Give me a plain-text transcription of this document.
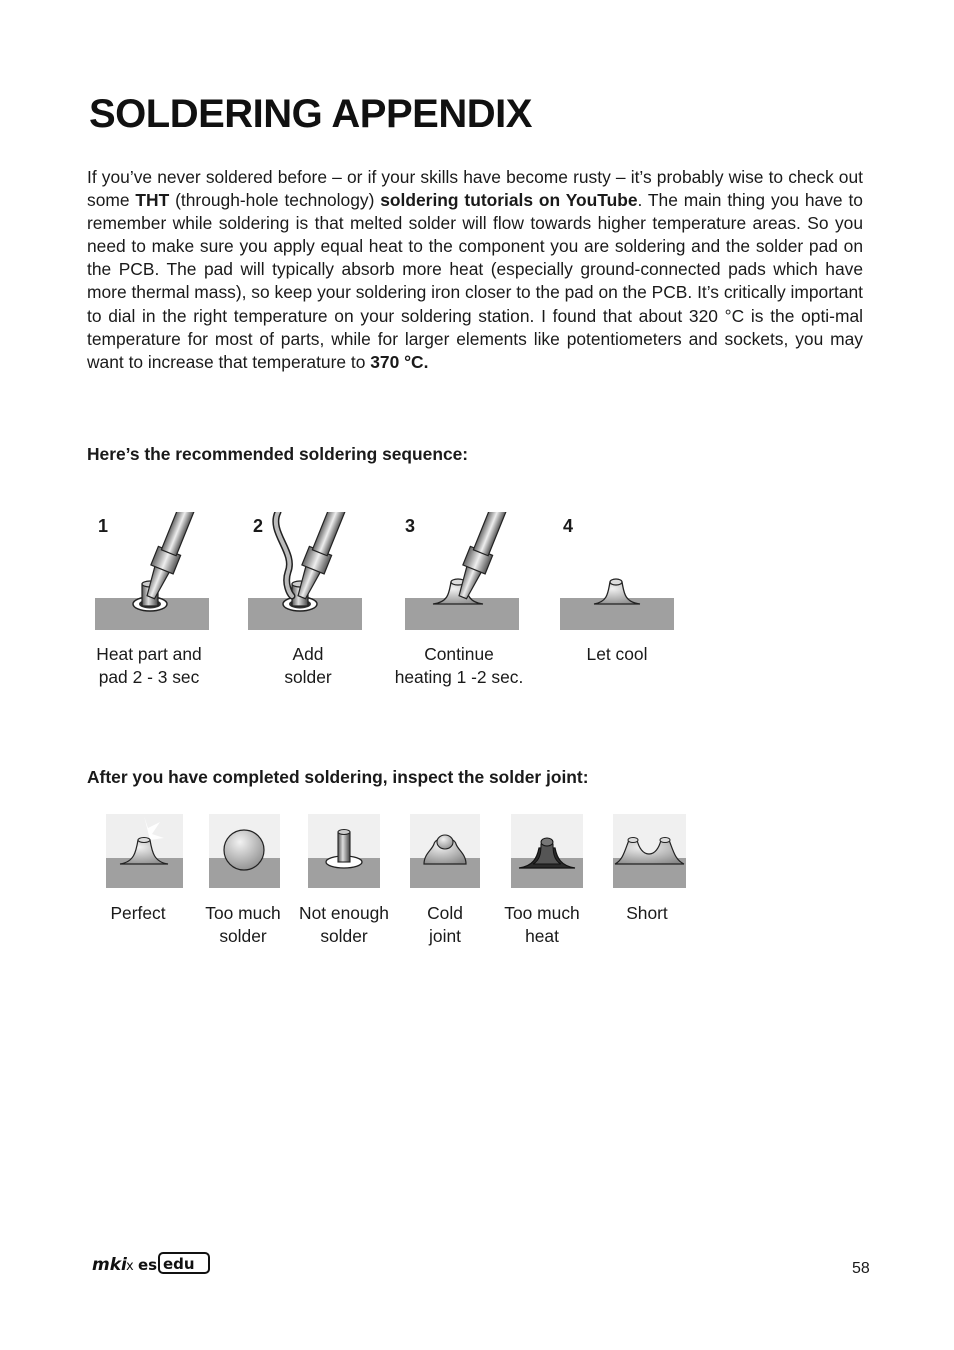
SOLDERING APPENDIX

If you’ve never soldered before – or if your skills have become rusty – it’s probably wise to check out some THT (through-hole technology) soldering tutorials on YouTube. The main thing you have to remember while soldering is that melted solder will flow towards higher temperature areas. So you need to make sure you apply equal heat to the component you are soldering and the solder pad on the PCB. The pad will typically absorb more heat (especially ground-connected pads which have more thermal mass), so keep your soldering iron closer to the pad on the PCB. It’s critically important to dial in the right temperature on your soldering station. I found that about 320 °C is the opti-mal temperature for most of parts, while for larger elements like potentiometers and sockets, you may want to increase that temperature to 370 °C.

Here’s the recommended soldering sequence:

1	2	3	4

Heat part and
pad 2 - 3 sec

Add
solder

Continue
heating 1 -2 sec.

Let cool

After you have completed soldering, inspect the solder joint:

Perfect	Too much
solder

Not enough
solder

Cold
joint

Too much
heat

Short

mki x es edu	58
